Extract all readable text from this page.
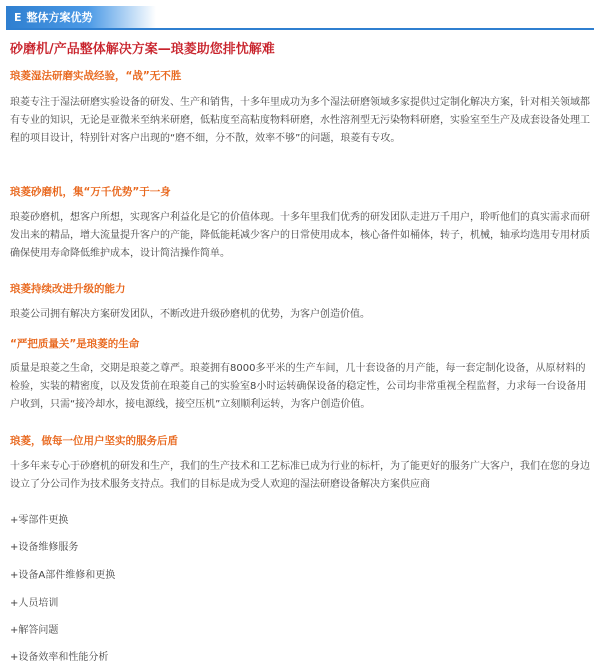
E 整体方案优势
砂磨机/产品整体解决方案—琅菱助您排忧解难
琅菱湿法研磨实战经验，“战”无不胜

琅菱专注于湿法研磨实验设备的研发、生产和销售，十多年里成功为多个湿法研磨领域多家提供过定制化解决方案，针对相关领域都有专业的知识，无论是亚微米至纳米研磨，低粘度至高粘度物料研磨，水性溶剂型无污染物料研磨，实验室至生产及成套设备处理工程的项目设计，特别针对客户出现的“磨不细，分不散，效率不够”的问题，琅菱有专攻。

琅菱砂磨机，集“万千优势”于一身

琅菱砂磨机，想客户所想，实现客户利益化是它的价值体现。十多年里我们优秀的研发团队走进万千用户，聆听他们的真实需求而研发出来的精品，增大流量提升客户的产能，降低能耗减少客户的日常使用成本，核心备件如桶体，转子，机械，轴承均选用专用材质确保使用寿命降低维护成本，设计简洁操作简单。

琅菱持续改进升级的能力

琅菱公司拥有解决方案研发团队，不断改进升级砂磨机的优势，为客户创造价值。

“严把质量关”是琅菱的生命

质量是琅菱之生命，交期是琅菱之尊严。琅菱拥有8000多平米的生产车间，几十套设备的月产能，每一套定制化设备，从原材料的检验，实装的精密度，以及发货前在琅菱自己的实验室8小时运转确保设备的稳定性，公司均非常重视全程监督，力求每一台设备用户收到，只需“接冷却水，接电源线，接空压机”立刻顺利运转，为客户创造价值。

琅菱，做每一位用户坚实的服务后盾

十多年来专心于砂磨机的研发和生产，我们的生产技术和工艺标准已成为行业的标杆，为了能更好的服务广大客户，我们在您的身边设立了分公司作为技术服务支持点。我们的目标是成为受人欢迎的湿法研磨设备解决方案供应商

+零部件更换

+设备维修服务

+设备A部件维修和更换

+人员培训

+解答问题

+设备效率和性能分析
